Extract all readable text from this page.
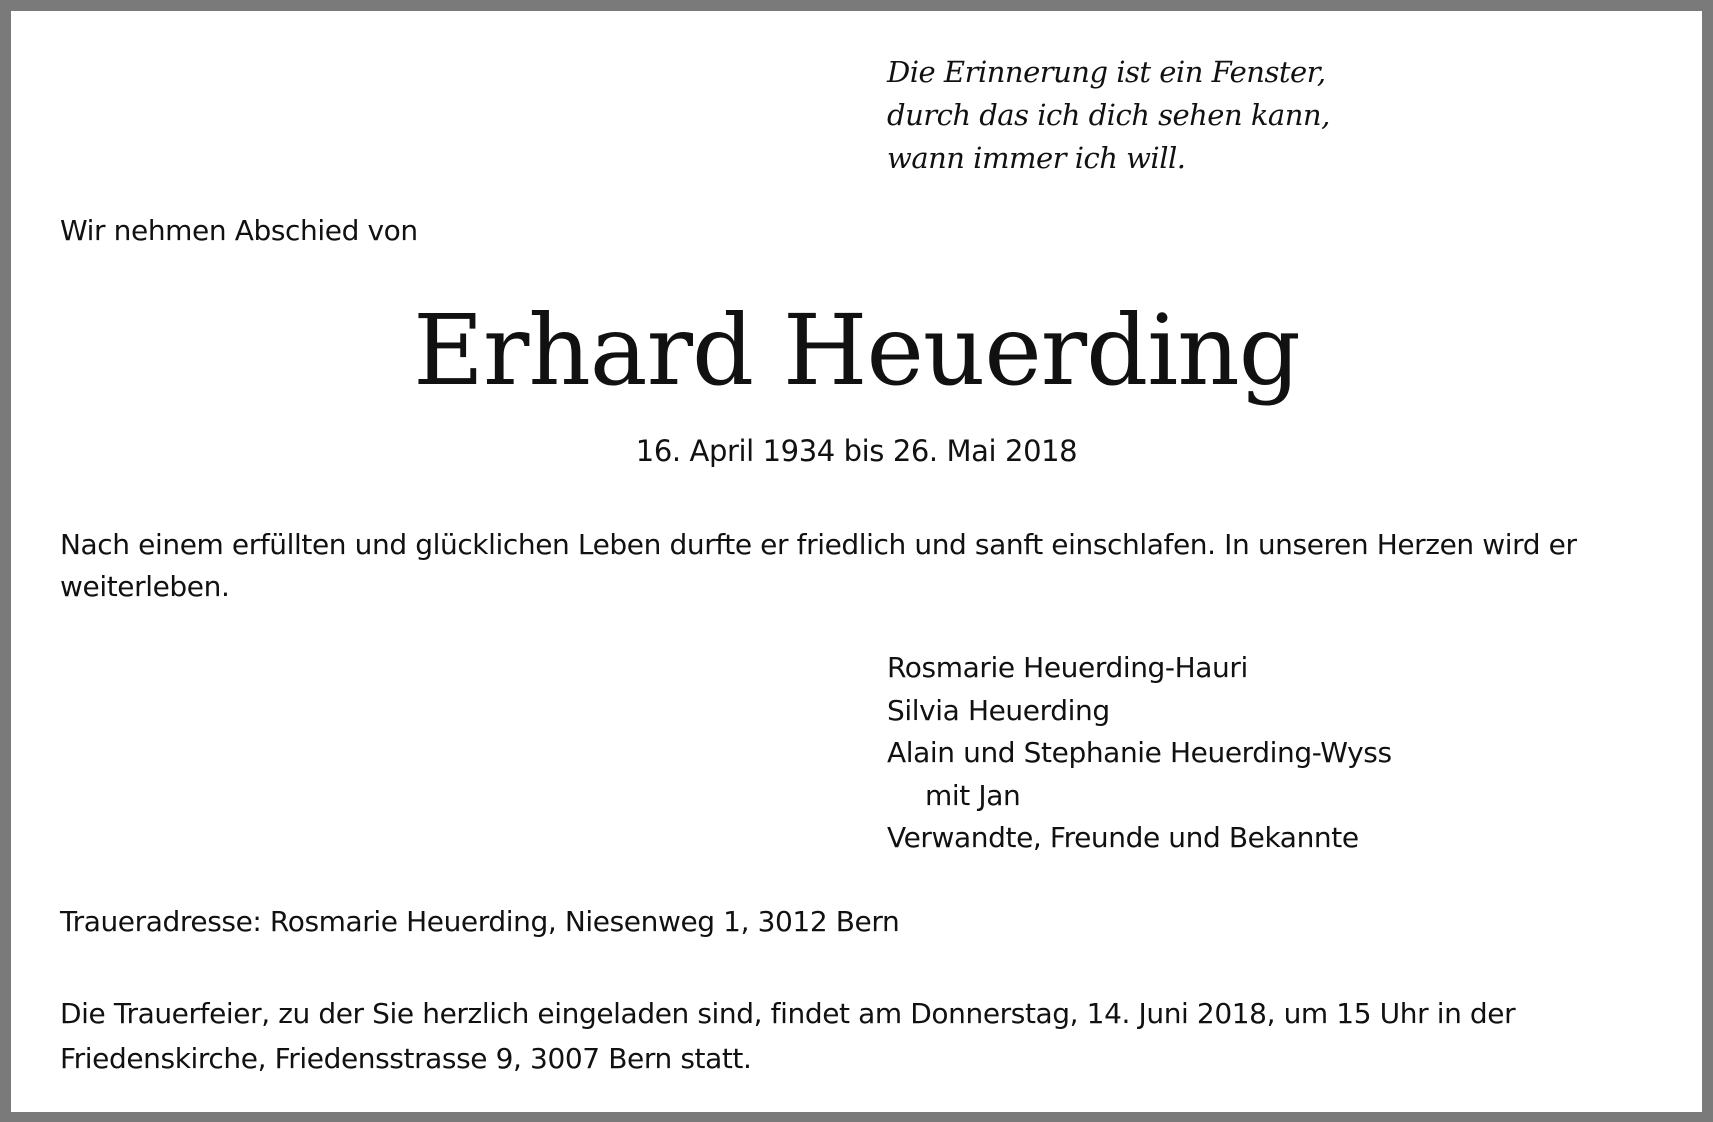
Die Erinnerung ist ein Fenster,
durch das ich dich sehen kann,
wann immer ich will.

Wir nehmen Abschied von

Erhard Heuerding

16. April 1934 bis 26. Mai 2018

Nach einem erfüllten und glücklichen Leben durfte er friedlich und sanft einschlafen. In unseren Herzen wird er weiterleben.

Rosmarie Heuerding-Hauri
Silvia Heuerding
Alain und Stephanie Heuerding-Wyss
mit Jan
Verwandte, Freunde und Bekannte

Traueradresse: Rosmarie Heuerding, Niesenweg 1, 3012 Bern

Die Trauerfeier, zu der Sie herzlich eingeladen sind, findet am Donnerstag, 14. Juni 2018, um 15 Uhr in der Friedenskirche, Friedensstrasse 9, 3007 Bern statt.
